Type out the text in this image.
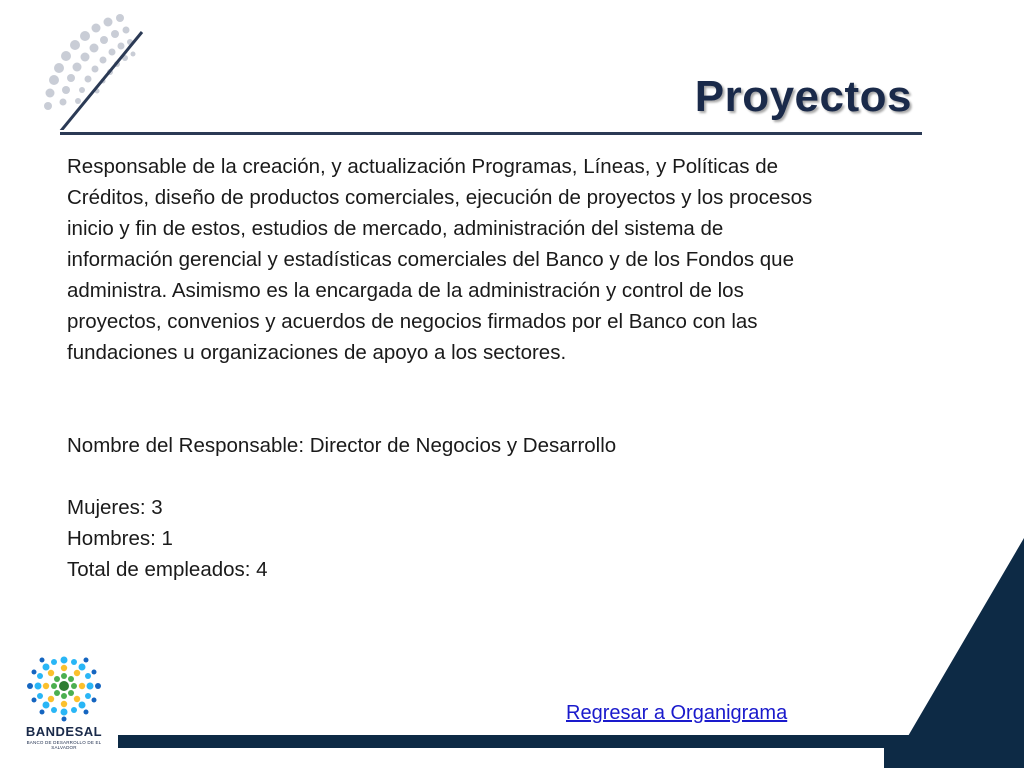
Proyectos

Responsable de la creación, y actualización Programas, Líneas, y Políticas de

Créditos, diseño de productos comerciales, ejecución de proyectos y los procesos

inicio y fin de estos, estudios de mercado, administración del sistema de

información gerencial y estadísticas comerciales del Banco y de los Fondos que

administra. Asimismo es la encargada de la administración y control de los

proyectos, convenios y acuerdos de negocios firmados por el Banco con las

fundaciones u organizaciones de apoyo a los sectores.

Nombre del Responsable: Director de Negocios y Desarrollo

Mujeres: 3

Hombres: 1

Total de empleados: 4

Regresar a Organigrama
BANDESAL
BANCO DE DESARROLLO DE EL SALVADOR
